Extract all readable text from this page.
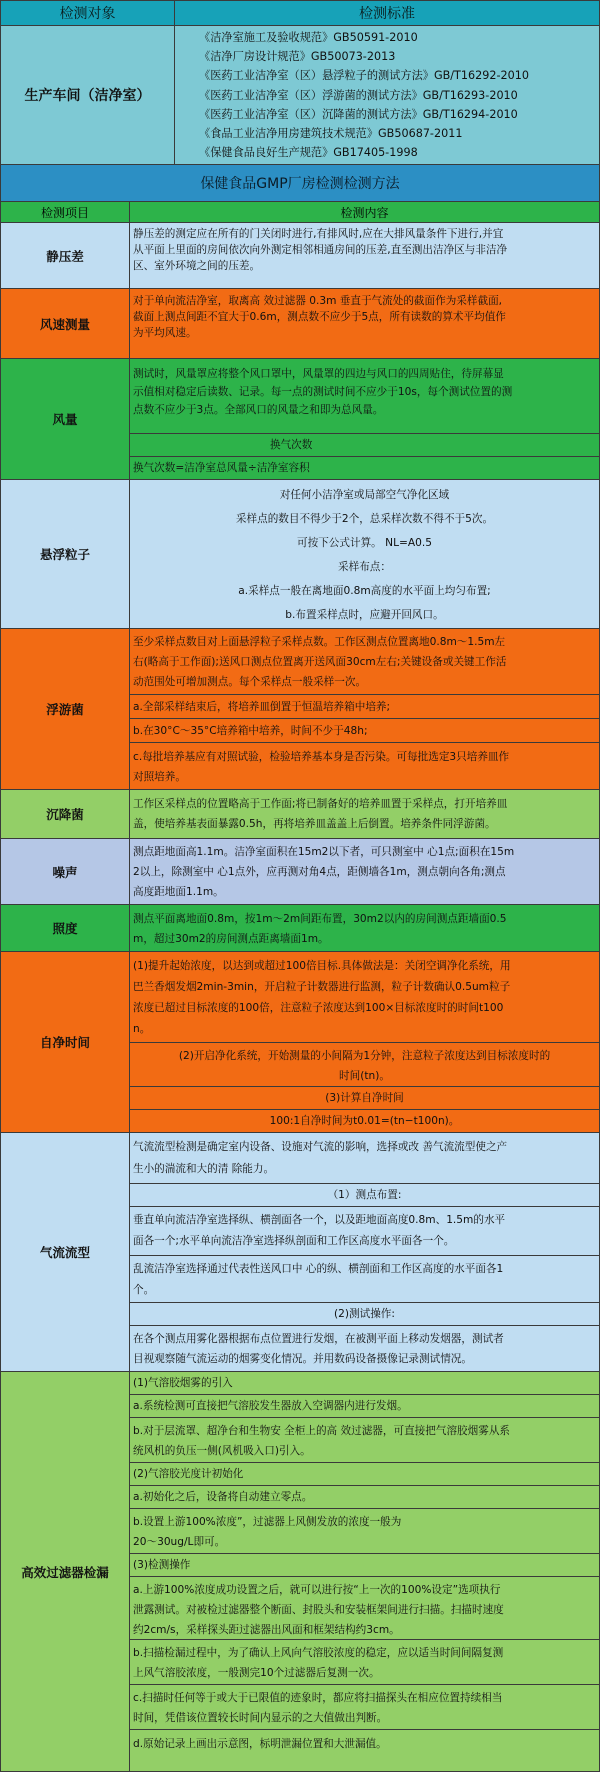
检测对象	检测标准
生产车间（洁净室）
《洁净室施工及验收规范》GB50591-2010
《洁净厂房设计规范》GB50073-2013
《医药工业洁净室（区）悬浮粒子的测试方法》GB/T16292-2010
《医药工业洁净室（区）浮游菌的测试方法》GB/T16293-2010
《医药工业洁净室（区）沉降菌的测试方法》GB/T16294-2010
《食品工业洁净用房建筑技术规范》GB50687-2011
《保健食品良好生产规范》GB17405-1998
保健食品GMP厂房检测检测方法
检测项目	检测内容
静压差
静压差的测定应在所有的门关闭时进行,有排风时,应在大排风量条件下进行,并宜
从平面上里面的房间依次向外测定相邻相通房间的压差,直至测出洁净区与非洁净
区、室外环境之间的压差。
风速测量
对于单向流洁净室，取离高 效过滤器 0.3m 垂直于气流处的截面作为采样截面,
截面上测点间距不宜大于0.6m，测点数不应少于5点，所有读数的算术平均值作
为平均风速。
风量
测试时，风量罩应将整个风口罩中，风量罩的四边与风口的四周贴住，待屏幕显
示值相对稳定后读数、记录。每一点的测试时间不应少于10s，每个测试位置的测
点数不应少于3点。全部风口的风量之和即为总风量。
换气次数
换气次数=洁净室总风量÷洁净室容积
悬浮粒子
对任何小洁净室或局部空气净化区域
采样点的数目不得少于2个，总采样次数不得不于5次。
可按下公式计算。 NL=A0.5
采样布点：
a.采样点一般在离地面0.8m高度的水平面上均匀布置;
b.布置采样点时，应避开回风口。
浮游菌
至少采样点数目对上面悬浮粒子采样点数。工作区测点位置离地0.8m～1.5m左
右(略高于工作面);送风口测点位置离开送风面30cm左右;关键设备或关键工作活
动范围处可增加测点。每个采样点一般采样一次。
a.全部采样结束后，将培养皿倒置于恒温培养箱中培养;
b.在30°C～35°C培养箱中培养，时间不少于48h;
c.每批培养基应有对照试验，检验培养基本身是否污染。可每批选定3只培养皿作
对照培养。
沉降菌
工作区采样点的位置略高于工作面;将已制备好的培养皿置于采样点，打开培养皿
盖，使培养基表面暴露0.5h，再将培养皿盖盖上后倒置。培养条件同浮游菌。
噪声
测点距地面高1.1m。洁净室面积在15m2以下者，可只测室中 心1点;面积在15m
2以上，除测室中 心1点外，应再测对角4点，距侧墙各1m，测点朝向各角;测点
高度距地面1.1m。
照度
测点平面离地面0.8m，按1m～2m间距布置，30m2以内的房间测点距墙面0.5
m，超过30m2的房间测点距离墙面1m。
自净时间
(1)提升起始浓度，以达到或超过100倍目标.具体做法是：关闭空调净化系统，用
巴兰香烟发烟2min-3min，开启粒子计数器进行监测，粒子计数确认0.5um粒子
浓度已超过目标浓度的100倍，注意粒子浓度达到100×目标浓度时的时间t100
n。
(2)开启净化系统，开始测量的小间隔为1分钟，注意粒子浓度达到目标浓度时的
时间(tn)。
(3)计算自净时间
100:1自净时间为t0.01=(tn−t100n)。
气流流型
气流流型检测是确定室内设备、设施对气流的影响，选择或改 善气流流型使之产
生小的湍流和大的清 除能力。
（1）测点布置:
垂直单向流洁净室选择纵、横剖面各一个，以及距地面高度0.8m、1.5m的水平
面各一个;水平单向流洁净室选择纵剖面和工作区高度水平面各一个。
乱流洁净室选择通过代表性送风口中 心的纵、横剖面和工作区高度的水平面各1
个。
(2)测试操作:
在各个测点用雾化器根据布点位置进行发烟，在被测平面上移动发烟器，测试者
目视观察随气流运动的烟雾变化情况。并用数码设备摄像记录测试情况。
高效过滤器检漏
(1)气溶胶烟雾的引入
a.系统检测可直接把气溶胶发生器放入空调器内进行发烟。
b.对于层流罩、超净台和生物安 全柜上的高 效过滤器，可直接把气溶胶烟雾从系
统风机的负压一侧(风机吸入口)引入。
(2)气溶胶光度计初始化
a.初始化之后，设备将自动建立零点。
b.设置上游100%浓度”，过滤器上风侧发放的浓度一般为
20～30ug/L即可。
(3)检测操作
a.上游100%浓度成功设置之后，就可以进行按“上一次的100%设定”选项执行
泄露测试。对被检过滤器整个断面、封股头和安装框架间进行扫描。扫描时速度
约2cm/s，采样探头距过滤器出风面和框架结构约3cm。
b.扫描检漏过程中，为了确认上风向气溶胶浓度的稳定，应以适当时间间隔复测
上风气溶胶浓度，一般测完10个过滤器后复测一次。
c.扫描时任何等于或大于已限值的迹象时，都应将扫描探头在相应位置持续相当
时间，凭借该位置较长时间内显示的之大值做出判断。
d.原始记录上画出示意图，标明泄漏位置和大泄漏值。
